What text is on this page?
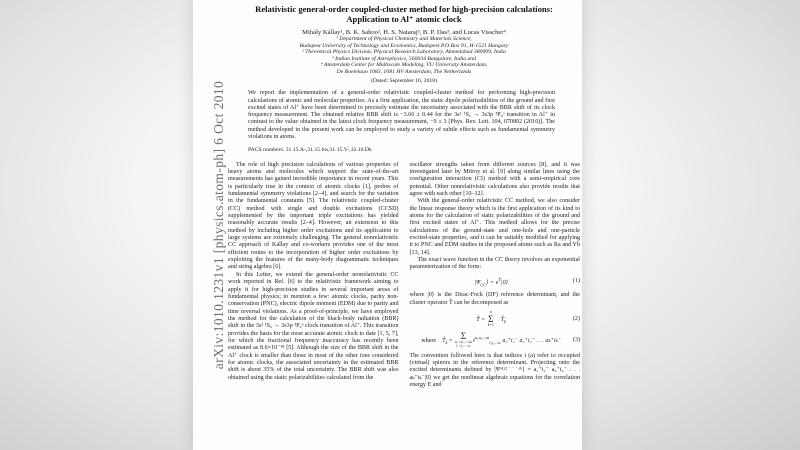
arXiv:1010.1231v1 [physics.atom-ph] 6 Oct 2010
Relativistic general-order coupled-cluster method for high-precision calculations:
Application to Al⁺ atomic clock
Mihály Kállay¹, B. K. Sahoo², H. S. Nataraj³, B. P. Das³, and Lucas Visscher⁴
¹ Department of Physical Chemistry and Materials Science,
Budapest University of Technology and Economics, Budapest P.O.Box 91, H-1521 Hungary
² Theoretical Physics Division, Physical Research Laboratory, Ahmedabad 380009, India
³ Indian Institute of Astrophysics, 560034 Bangalore, India and
⁴ Amsterdam Center for Multiscale Modeling, VU University Amsterdam,
De Boelelaan 1083, 1081 HV Amsterdam, The Netherlands
(Dated: September 16, 2018)
We report the implementation of a general-order relativistic coupled-cluster method for performing high-precision calculations of atomic and molecular properties. As a first application, the static dipole polarizabilities of the ground and first excited states of Al⁺ have been determined to precisely estimate the uncertainty associated with the BBR shift of its clock frequency measurement. The obtained relative BBR shift is −3.66 ± 0.44 for the 3s² ¹S₀ → 3s3p ³P₀ᵒ transition in Al⁺ in contrast to the value obtained in the latest clock frequency measurement, −9 ± 3 [Phys. Rev. Lett. 104, 070802 (2010)]. The method developed in the present work can be employed to study a variety of subtle effects such as fundamental symmetry violations in atoms.
PACS numbers: 31.15.A-,31.15.bw,31.15.V-,32.10.Dk

The role of high precision calculations of various properties of heavy atoms and molecules which support the state-of-the-art measurements has gained incredible importance in recent years. This is particularly true in the context of atomic clocks [1], probes of fundamental symmetry violations [2–4], and search for the variation in the fundamental constants [5]. The relativistic coupled-cluster (CC) method with single and double excitations (CCSD) supplemented by the important triple excitations has yielded reasonably accurate results [2–4]. However, an extension to this method by including higher order excitations and its application to large systems are extremely challenging. The general nonrelativistic CC approach of Kállay and co-workers provides one of the most efficient routes to the incorporation of higher order excitations by exploiting the features of the many-body diagrammatic techniques and string algebra [6].

In this Letter, we extend the general-order nonrelativistic CC work reported in Ref. [6] to the relativistic framework aiming to apply it for high-precision studies in several important areas of fundamental physics; to mention a few: atomic clocks, parity non-conservation (PNC), electric dipole moment (EDM) due to parity and time reversal violations. As a proof-of-principle, we have employed the method for the calculation of the black-body radiation (BBR) shift in the 3s² ¹S₀ → 3s3p ³P₀ᵒ clock transition of Al⁺. This transition provides the basis for the most accurate atomic clock to date [1, 5, 7], for which the fractional frequency inaccuracy has recently been estimated as 8.6×10⁻¹⁸ [5]. Although the size of the BBR shift in the Al⁺ clock is smaller than those in most of the other ions considered for atomic clocks, the associated uncertainty in the estimated BBR shift is about 35% of the total uncertainty. The BBR shift was also obtained using the static polarizabilities calculated from the

oscillator strengths taken from different sources [8], and it was investigated later by Mitroy et al. [9] along similar lines using the configuration interaction (CI) method with a semi-empirical core potential. Other nonrelativistic calculations also provide results that agree with each other [10–12].

With the general-order relativistic CC method, we also consider the linear response theory which is the first application of its kind to atoms for the calculation of static polarizabilities of the ground and first excited states of Al⁺. This method allows for the precise calculations of the ground-state and one-hole and one-particle excited-state properties, and it can be suitably modified for applying it to PNC and EDM studies in the proposed atoms such as Ra and Yb [13, 14].

The exact wave function in the CC theory involves an exponential parameterization of the form:

$|\Psi_{CC}⟩$ = $e^{T̂}|0⟩$	(1)

where |0⟩ is the Dirac-Fock (DF) reference determinant, and the cluster operator T̂ can be decomposed as

T̂ =
n
Σ
k=1
$T̂_k$	(2)
where $T̂_k = \Sigma$
a₁<a₂...<aₖ
i₁<i₂...<iₖ
$t^{a_1a_2...a_k}_{i_1i_2...i_k}$ a₁⁺i₁⁻ a₂⁺i₂⁻ . . . aₖ⁺iₖ⁻	(3)

The convention followed here is that indices i (a) refer to occupied (virtual) spinors in the reference determinant. Projecting onto the excited determinants defined by |Ψᵃ¹ᵃ²˙˙˙ᵃᵏ⟩ = a₁⁺i₁⁻ a₂⁺i₂⁻ . . . aₖ⁺iₖ⁻|0⟩ we get the nonlinear algebraic equations for the correlation energy E and
